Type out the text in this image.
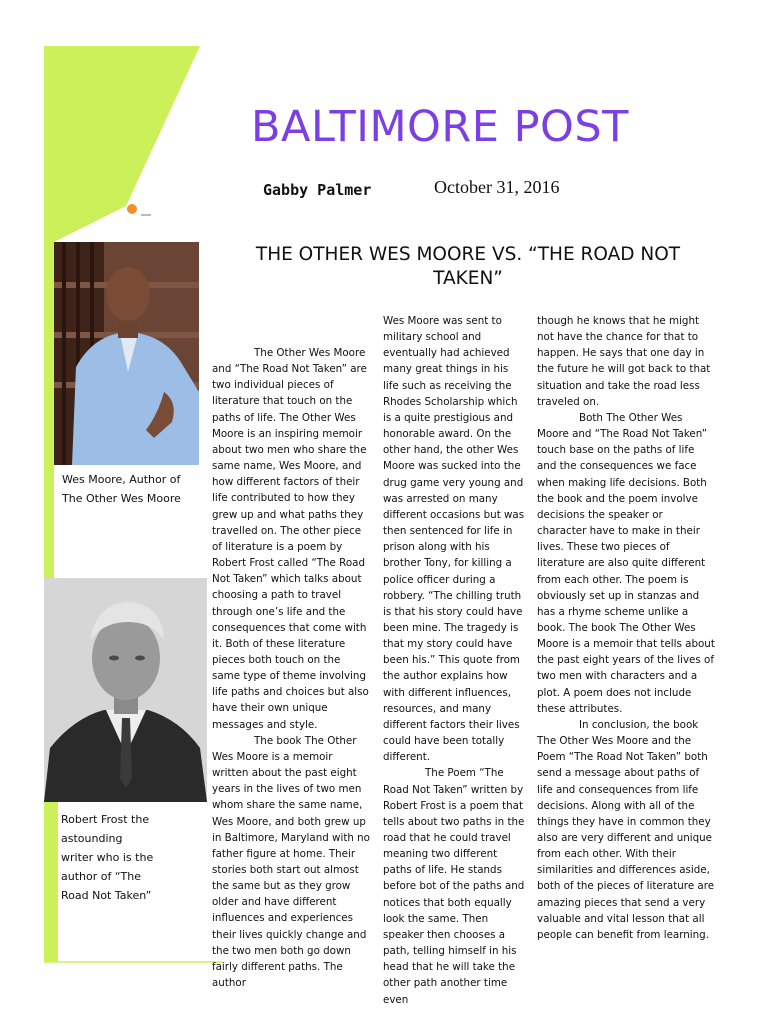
BALTIMORE POST
Gabby Palmer	October 31, 2016
THE OTHER WES MOORE VS. “THE ROAD NOT TAKEN”
Wes Moore, Author of The Other Wes Moore
Robert Frost the astounding writer who is the author of “The Road Not Taken”

The Other Wes Moore and “The Road Not Taken” are two individual pieces of literature that touch on the paths of life. The Other Wes Moore is an inspiring memoir about two men who share the same name, Wes Moore, and how different factors of their life contributed to how they grew up and what paths they travelled on. The other piece of literature is a poem by Robert Frost called “The Road Not Taken” which talks about choosing a path to travel through one’s life and the consequences that come with it. Both of these literature pieces both touch on the same type of theme involving life paths and choices but also have their own unique messages and style.

The book The Other Wes Moore is a memoir written about the past eight years in the lives of two men whom share the same name, Wes Moore, and both grew up in Baltimore, Maryland with no father figure at home. Their stories both start out almost the same but as they grow older and have different influences and experiences their lives quickly change and the two men both go down fairly different paths. The author

Wes Moore was sent to military school and eventually had achieved many great things in his life such as receiving the Rhodes Scholarship which is a quite prestigious and honorable award. On the other hand, the other Wes Moore was sucked into the drug game very young and was arrested on many different occasions but was then sentenced for life in prison along with his brother Tony, for killing a police officer during a robbery. “The chilling truth is that his story could have been mine. The tragedy is that my story could have been his.” This quote from the author explains how with different influences, resources, and many different factors their lives could have been totally different.

The Poem “The Road Not Taken” written by Robert Frost is a poem that tells about two paths in the road that he could travel meaning two different paths of life. He stands before bot of the paths and notices that both equally look the same. Then speaker then chooses a path, telling himself in his head that he will take the other path another time even

though he knows that he might not have the chance for that to happen. He says that one day in the future he will got back to that situation and take the road less traveled on.

Both The Other Wes Moore and “The Road Not Taken” touch base on the paths of life and the consequences we face when making life decisions. Both the book and the poem involve decisions the speaker or character have to make in their lives. These two pieces of literature are also quite different from each other. The poem is obviously set up in stanzas and has a rhyme scheme unlike a book. The book The Other Wes Moore is a memoir that tells about the past eight years of the lives of two men with characters and a plot. A poem does not include these attributes.

In conclusion, the book The Other Wes Moore and the Poem “The Road Not Taken” both send a message about paths of life and consequences from life decisions. Along with all of the things they have in common they also are very different and unique from each other. With their similarities and differences aside, both of the pieces of literature are amazing pieces that send a very valuable and vital lesson that all people can benefit from learning.
